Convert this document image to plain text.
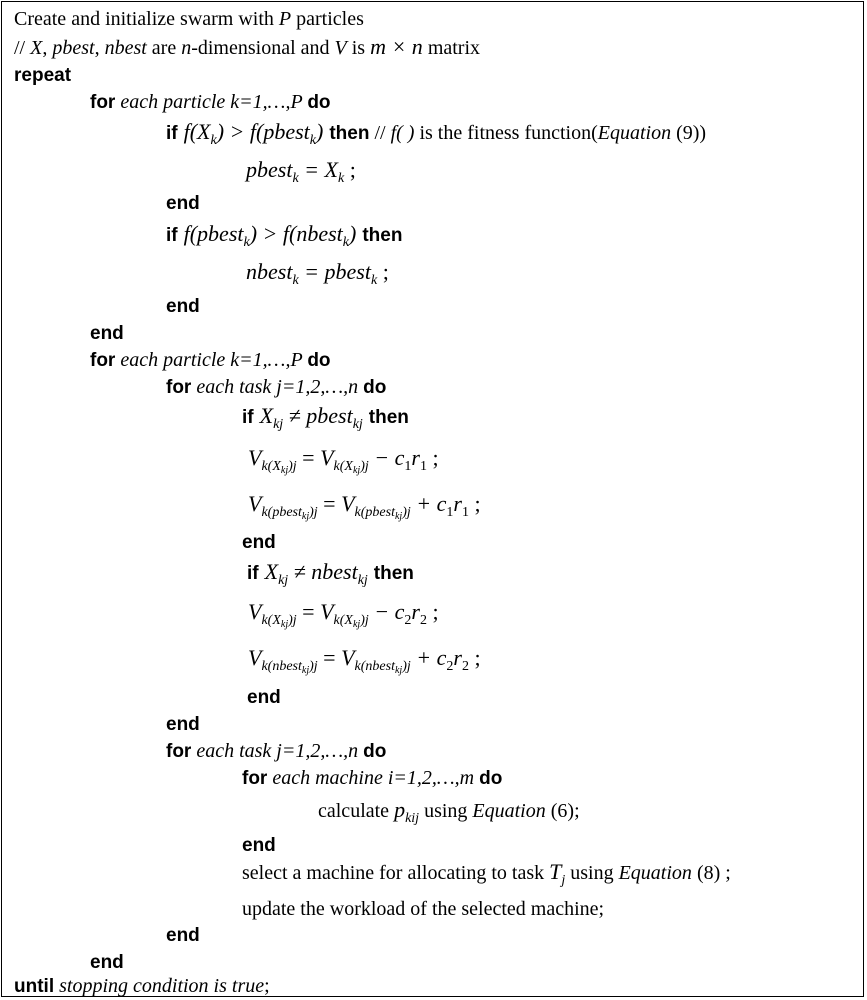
Create and initialize swarm with P particles
// X, pbest, nbest are n-dimensional and V is m × n matrix
repeat
for each particle k=1,…,P do
if $f(X_k)$ > f(pbest$_k$) then // f( ) is the fitness function(Equation (9))
pbest$_k$ = $X_k$ ;
end
if f(pbest$_k$) > f(nbest$_k$) then
nbest$_k$ = pbest$_k$ ;
end
end
for each particle k=1,…,P do
for each task j=1,2,…,n do
if $X_{kj}$ ≠ pbest$_{kj}$ then
$V_{k(X_{kj})j} = V_{k(X_{kj})j} - c_1r_1$ ;
$V_{k(pbest_{kj})j} = V_{k(pbest_{kj})j} + c_1r_1$ ;
end
if $X_{kj}$ ≠ nbest$_{kj}$ then
$V_{k(X_{kj})j} = V_{k(X_{kj})j} - c_2r_2$ ;
$V_{k(nbest_{kj})j} = V_{k(nbest_{kj})j} + c_2r_2$ ;
end
end
for each task j=1,2,…,n do
for each machine i=1,2,…,m do
calculate $p_{kij}$ using Equation (6);
end
select a machine for allocating to task $T_j$ using Equation (8) ;
update the workload of the selected machine;
end
end
until stopping condition is true;
